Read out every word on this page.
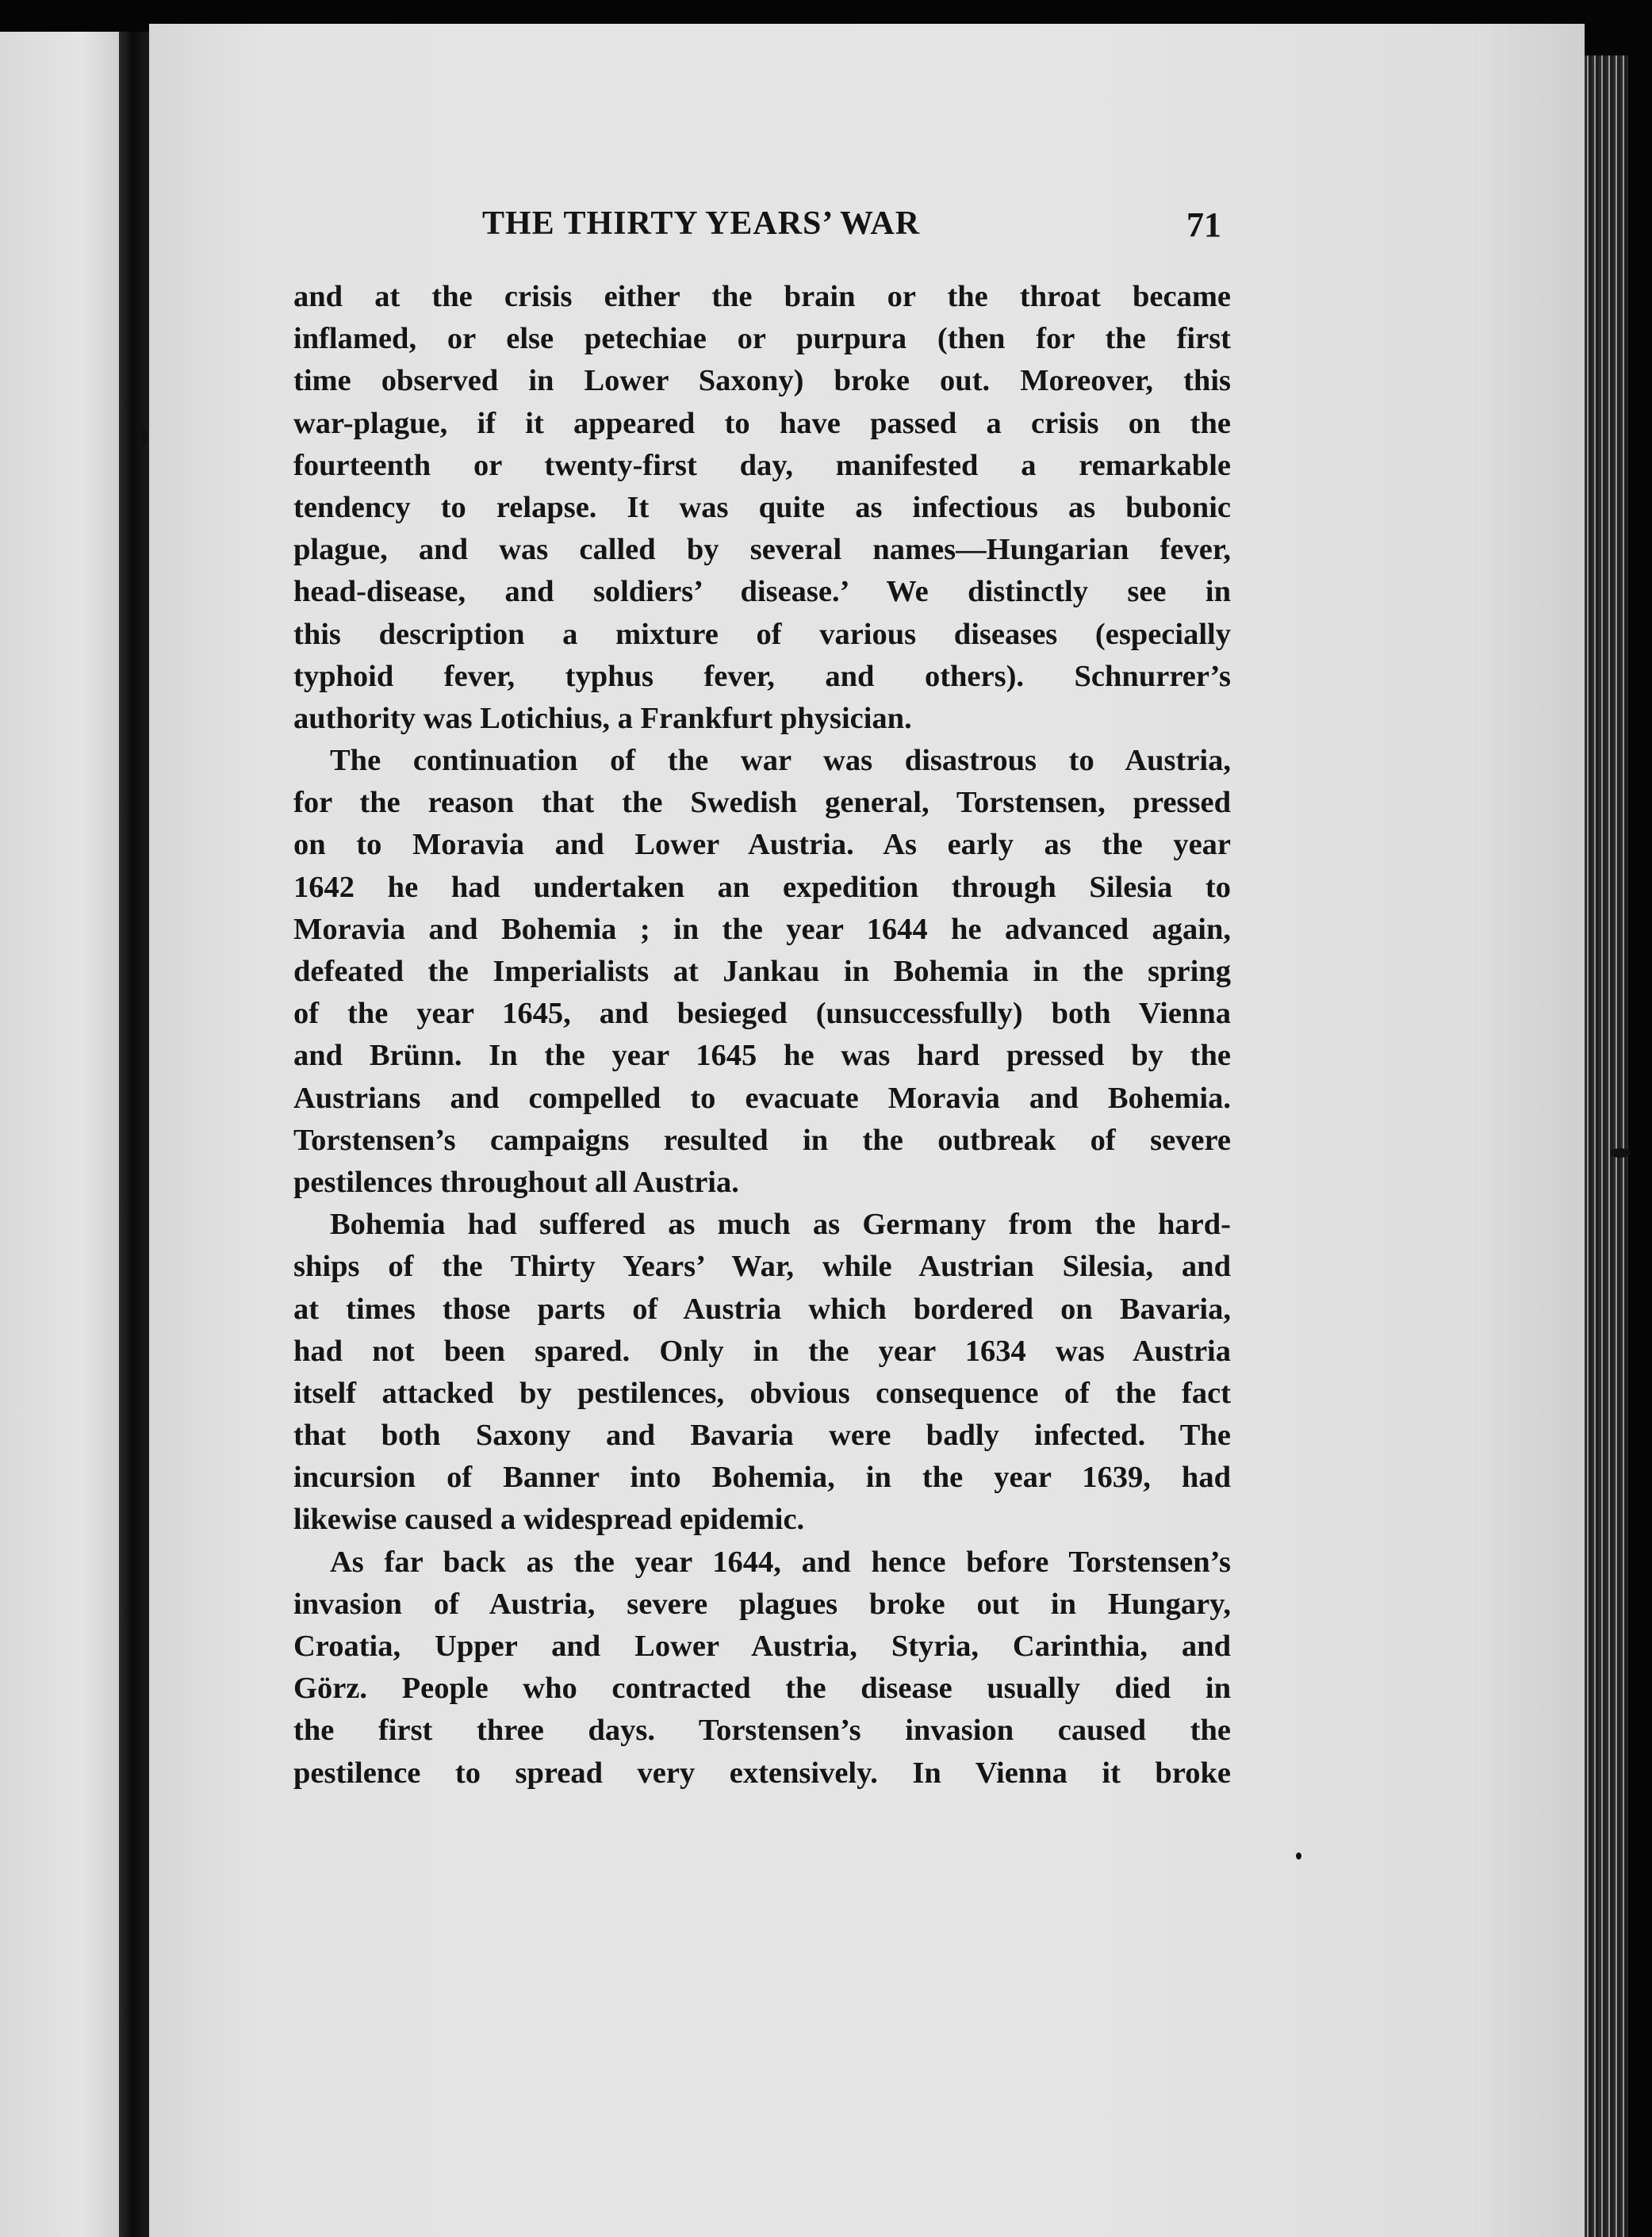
THE THIRTY YEARS’ WAR	71
and at the crisis either the brain or the throat became
inflamed, or else petechiae or purpura (then for the first
time observed in Lower Saxony) broke out. Moreover, this
war-plague, if it appeared to have passed a crisis on the
fourteenth or twenty-first day, manifested a remarkable
tendency to relapse. It was quite as infectious as bubonic
plague, and was called by several names—Hungarian fever,
head-disease, and soldiers’ disease.’ We distinctly see in
this description a mixture of various diseases (especially
typhoid fever, typhus fever, and others). Schnurrer’s
authority was Lotichius, a Frankfurt physician.
The continuation of the war was disastrous to Austria,
for the reason that the Swedish general, Torstensen, pressed
on to Moravia and Lower Austria. As early as the year
1642 he had undertaken an expedition through Silesia to
Moravia and Bohemia ; in the year 1644 he advanced again,
defeated the Imperialists at Jankau in Bohemia in the spring
of the year 1645, and besieged (unsuccessfully) both Vienna
and Brünn. In the year 1645 he was hard pressed by the
Austrians and compelled to evacuate Moravia and Bohemia.
Torstensen’s campaigns resulted in the outbreak of severe
pestilences throughout all Austria.
Bohemia had suffered as much as Germany from the hard-
ships of the Thirty Years’ War, while Austrian Silesia, and
at times those parts of Austria which bordered on Bavaria,
had not been spared. Only in the year 1634 was Austria
itself attacked by pestilences, obvious consequence of the fact
that both Saxony and Bavaria were badly infected. The
incursion of Banner into Bohemia, in the year 1639, had
likewise caused a widespread epidemic.
As far back as the year 1644, and hence before Torstensen’s
invasion of Austria, severe plagues broke out in Hungary,
Croatia, Upper and Lower Austria, Styria, Carinthia, and
Görz. People who contracted the disease usually died in
the first three days. Torstensen’s invasion caused the
pestilence to spread very extensively. In Vienna it broke
